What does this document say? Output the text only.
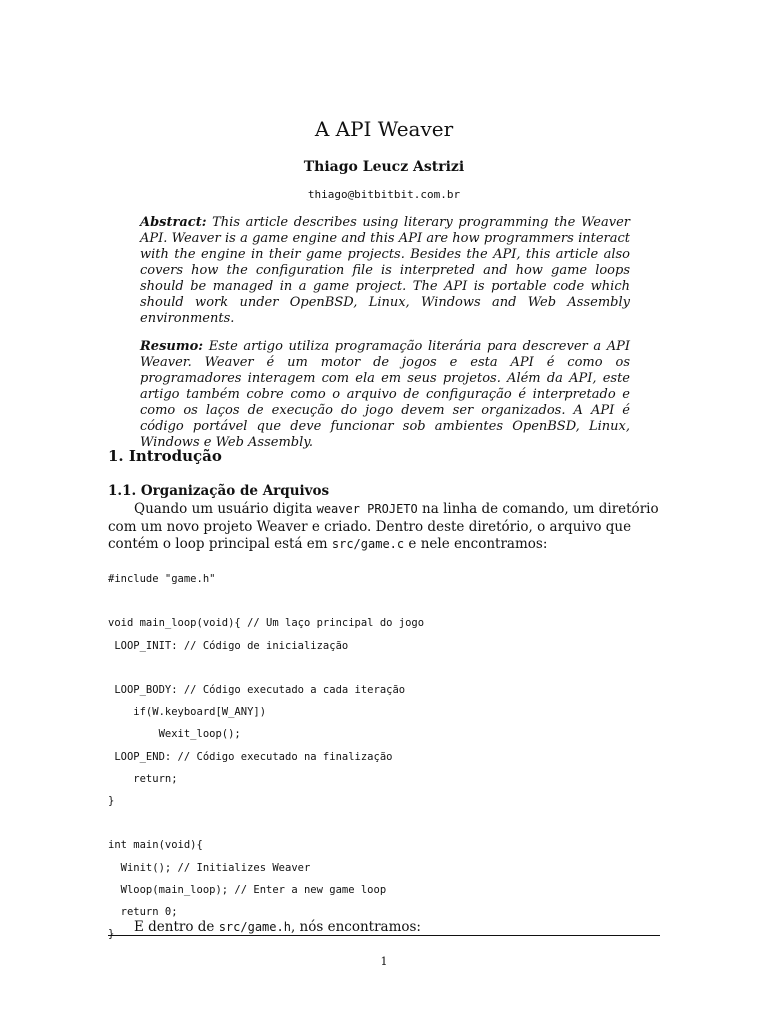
A API Weaver
Thiago Leucz Astrizi
thiago@bitbitbit.com.br
Abstract: This article describes using literary programming the Weaver API. Weaver is a game engine and this API are how programmers interact with the engine in their game projects. Besides the API, this article also covers how the configuration file is interpreted and how game loops should be managed in a game project. The API is portable code which should work under OpenBSD, Linux, Windows and Web Assembly environments.
Resumo: Este artigo utiliza programação literária para descrever a API Weaver. Weaver é um motor de jogos e esta API é como os programadores interagem com ela em seus projetos. Além da API, este artigo também cobre como o arquivo de configuração é interpretado e como os laços de execução do jogo devem ser organizados. A API é código portável que deve funcionar sob ambientes OpenBSD, Linux, Windows e Web Assembly.
1. Introdução
1.1. Organização de Arquivos
Quando um usuário digita weaver PROJETO na linha de comando, um diretório com um novo projeto Weaver e criado. Dentro deste diretório, o arquivo que contém o loop principal está em src/game.c e nele encontramos:
#include "game.h"

void main_loop(void){ // Um laço principal do jogo
LOOP_INIT: // Código de inicialização

LOOP_BODY: // Código executado a cada iteração
if(W.keyboard[W_ANY])
Wexit_loop();
LOOP_END: // Código executado na finalização
return;
}

int main(void){
Winit(); // Initializes Weaver
Wloop(main_loop); // Enter a new game loop
return 0;
}	E dentro de src/game.h, nós encontramos:
1
